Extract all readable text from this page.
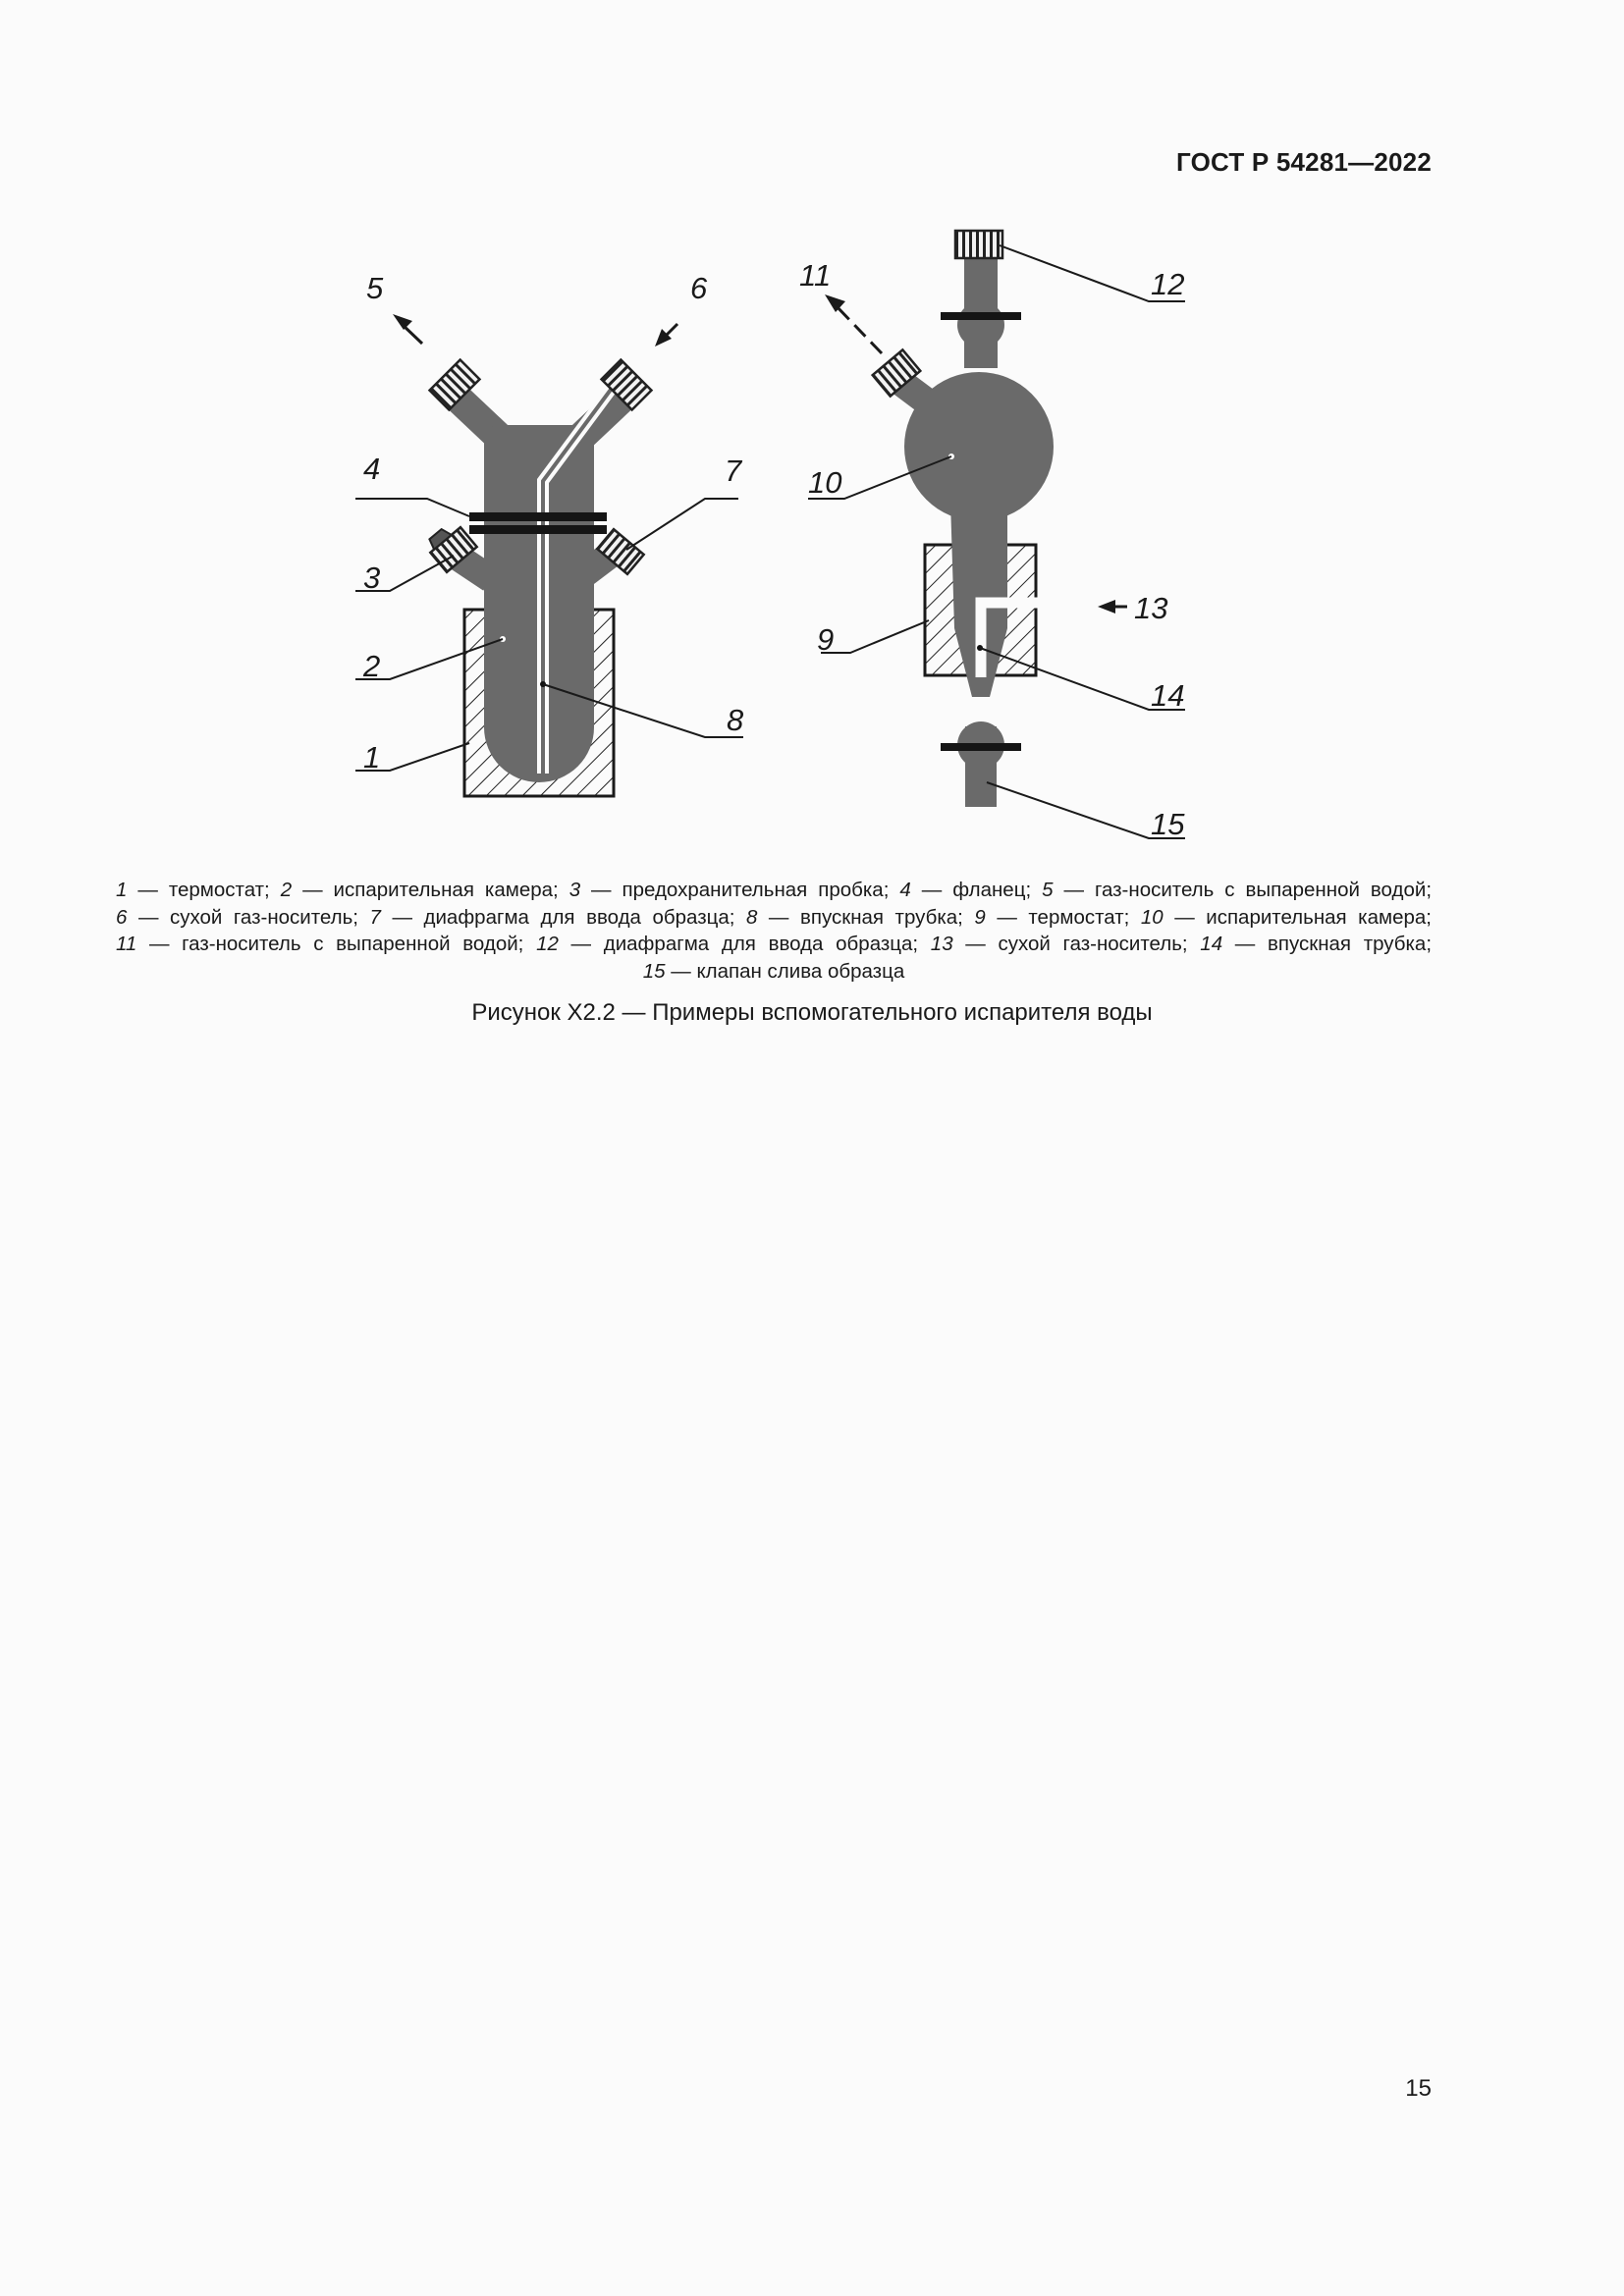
ГОСТ Р 54281—2022
1
2
3
4
5	6
7
8
9
10
11	12
13
14
15
1 — термостат; 2 — испарительная камера; 3 — предохранительная пробка; 4 — фланец; 5 — газ-носитель с выпаренной водой;
6 — сухой газ-носитель; 7 — диафрагма для ввода образца; 8 — впускная трубка; 9 — термостат; 10 — испарительная камера;
11 — газ-носитель с выпаренной водой; 12 — диафрагма для ввода образца; 13 — сухой газ-носитель; 14 — впускная трубка;
15 — клапан слива образца
Рисунок Х2.2 — Примеры вспомогательного испарителя воды
15
